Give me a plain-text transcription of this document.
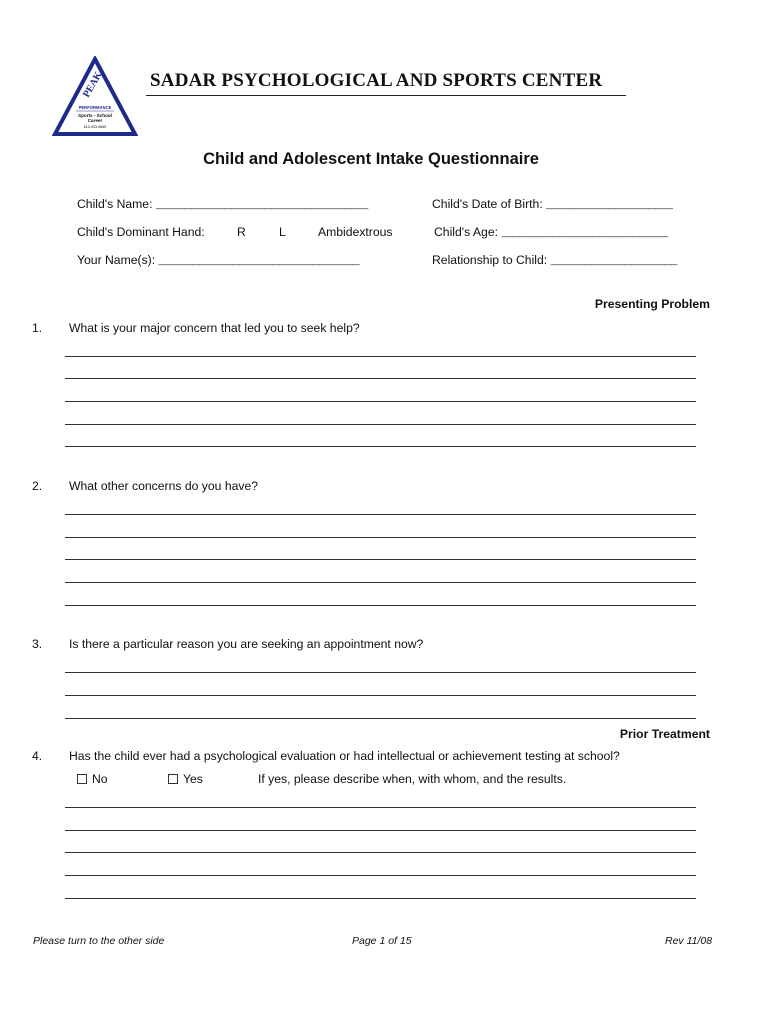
PEAK
PERFORMANCE
Sports - School
Career
610-933-9665
SADAR PSYCHOLOGICAL AND SPORTS CENTER
Child and Adolescent Intake Questionnaire
Child's Name: _____________________________________	Child's Date of Birth: ______________________
Child's Dominant Hand:	R	L	Ambidextrous	Child's Age: _____________________________
Your Name(s): ___________________________________	Relationship to Child: ______________________
Presenting Problem
1. What is your major concern that led you to seek help?
2. What other concerns do you have?
3. Is there a particular reason you are seeking an appointment now?
Prior Treatment
4. Has the child ever had a psychological evaluation or had intellectual or achievement testing at school?
No	Yes	If yes, please describe when, with whom, and the results.
Please turn to the other side	Page 1 of 15	Rev 11/08
